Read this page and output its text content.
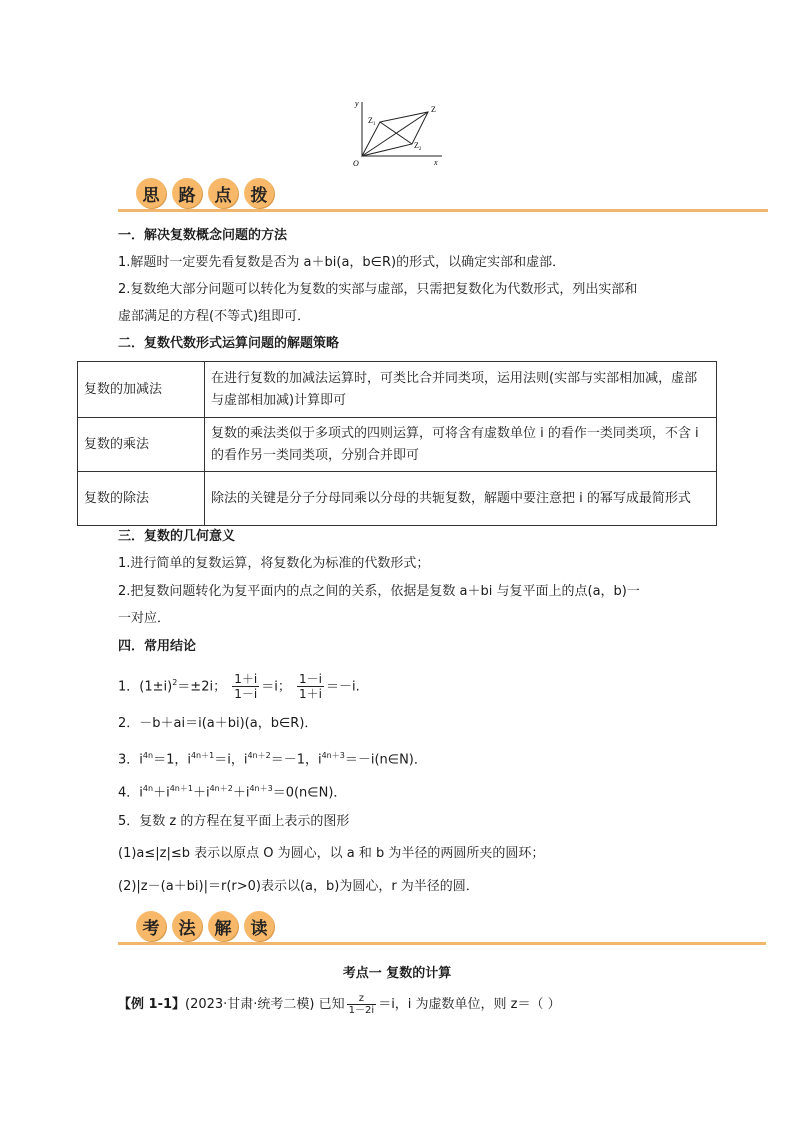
y
x
O
Z
$Z_1$
$Z_2$
思	路	点	拨
一．解决复数概念问题的方法
1.解题时一定要先看复数是否为 a＋bi(a，b∈R)的形式，以确定实部和虚部．
2.复数绝大部分问题可以转化为复数的实部与虚部，只需把复数化为代数形式，列出实部和
虚部满足的方程(不等式)组即可．
二．复数代数形式运算问题的解题策略
复数的加减法	在进行复数的加减法运算时，可类比合并同类项，运用法则(实部与实部相加减，虚部与虚部相加减)计算即可
复数的乘法	复数的乘法类似于多项式的四则运算，可将含有虚数单位 i 的看作一类同类项，不含 i 的看作另一类同类项，分别合并即可
复数的除法	除法的关键是分子分母同乘以分母的共轭复数，解题中要注意把 i 的幂写成最简形式
三．复数的几何意义
1.进行简单的复数运算，将复数化为标准的代数形式；
2.把复数问题转化为复平面内的点之间的关系，依据是复数 a＋bi 与复平面上的点(a，b)一
一对应．
四．常用结论
1．$(1\pm i)^2=\pm 2i$； $\frac{1+i}{1-i} =i$； $\frac{1-i}{1+i} =-i$.
2．－b＋ai＝i(a＋bi)(a，b∈R)．
3．$i^{4n}=1$，$i^{4n+1}=i$，$i^{4n+2}=-1$，$i^{4n+3}=-i(n\in N)$．
4．$i^{4n}+i^{4n+1}+i^{4n+2}+i^{4n+3}=0(n\in N)$．
5．复数 z 的方程在复平面上表示的图形
(1)a≤|z|≤b 表示以原点 O 为圆心，以 a 和 b 为半径的两圆所夹的圆环；
(2)|z－(a＋bi)|＝r(r>0)表示以(a，b)为圆心，r 为半径的圆．
考	法	解	读
考点一 复数的计算
【例 1-1】(2023·甘肃·统考二模) 已知 $\frac{z}{1-2i} =i$，i 为虚数单位，则 z＝（ ）
